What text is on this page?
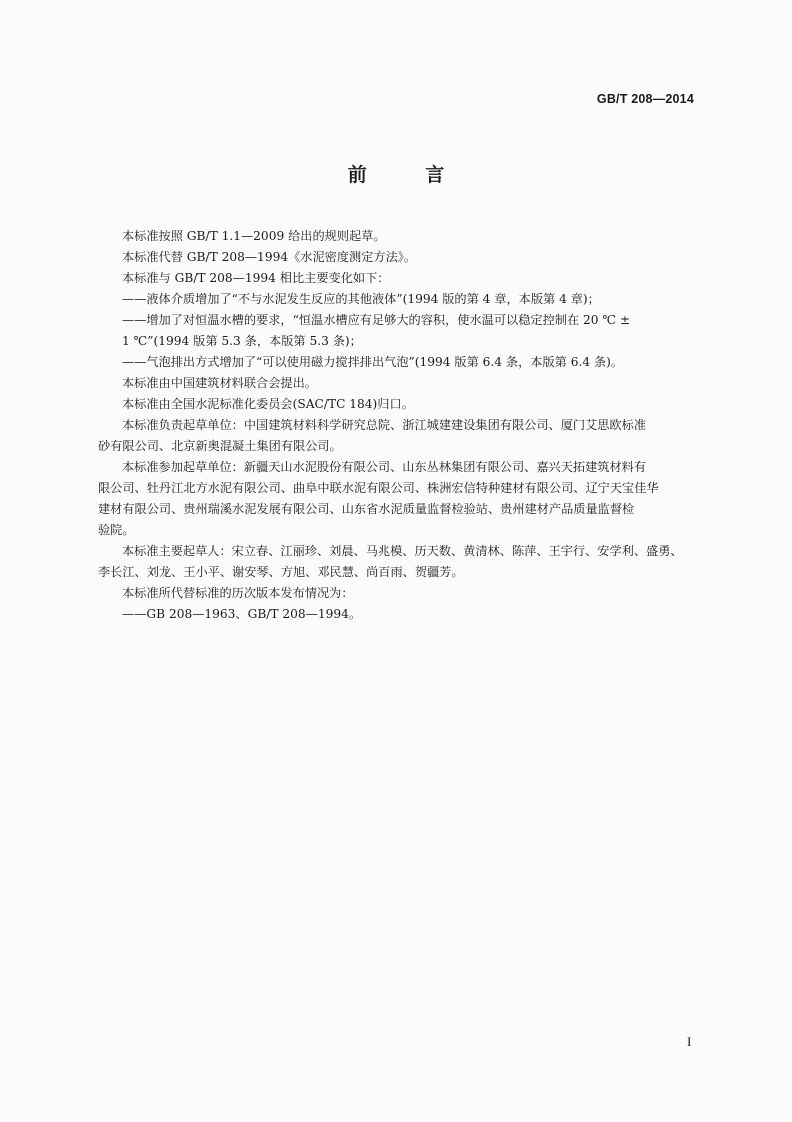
GB/T 208—2014
前 言

本标准按照 GB/T 1.1—2009 给出的规则起草。

本标准代替 GB/T 208—1994《水泥密度测定方法》。

本标准与 GB/T 208—1994 相比主要变化如下：

——液体介质增加了“不与水泥发生反应的其他液体”(1994 版的第 4 章，本版第 4 章)；

——增加了对恒温水槽的要求，“恒温水槽应有足够大的容积，使水温可以稳定控制在 20 ℃ ±

1 ℃”(1994 版第 5.3 条，本版第 5.3 条)；

——气泡排出方式增加了“可以使用磁力搅拌排出气泡”(1994 版第 6.4 条，本版第 6.4 条)。

本标准由中国建筑材料联合会提出。

本标准由全国水泥标准化委员会(SAC/TC 184)归口。

本标准负责起草单位：中国建筑材料科学研究总院、浙江城建建设集团有限公司、厦门艾思欧标准

砂有限公司、北京新奥混凝土集团有限公司。

本标准参加起草单位：新疆天山水泥股份有限公司、山东丛林集团有限公司、嘉兴天拓建筑材料有

限公司、牡丹江北方水泥有限公司、曲阜中联水泥有限公司、株洲宏信特种建材有限公司、辽宁天宝佳华

建材有限公司、贵州瑞溪水泥发展有限公司、山东省水泥质量监督检验站、贵州建材产品质量监督检

验院。

本标准主要起草人：宋立春、江丽珍、刘晨、马兆模、历天数、黄清林、陈萍、王宇行、安学利、盛勇、

李长江、刘龙、王小平、谢安琴、方旭、邓民慧、尚百雨、贺疆芳。

本标准所代替标准的历次版本发布情况为：

——GB 208—1963、GB/T 208—1994。

I
